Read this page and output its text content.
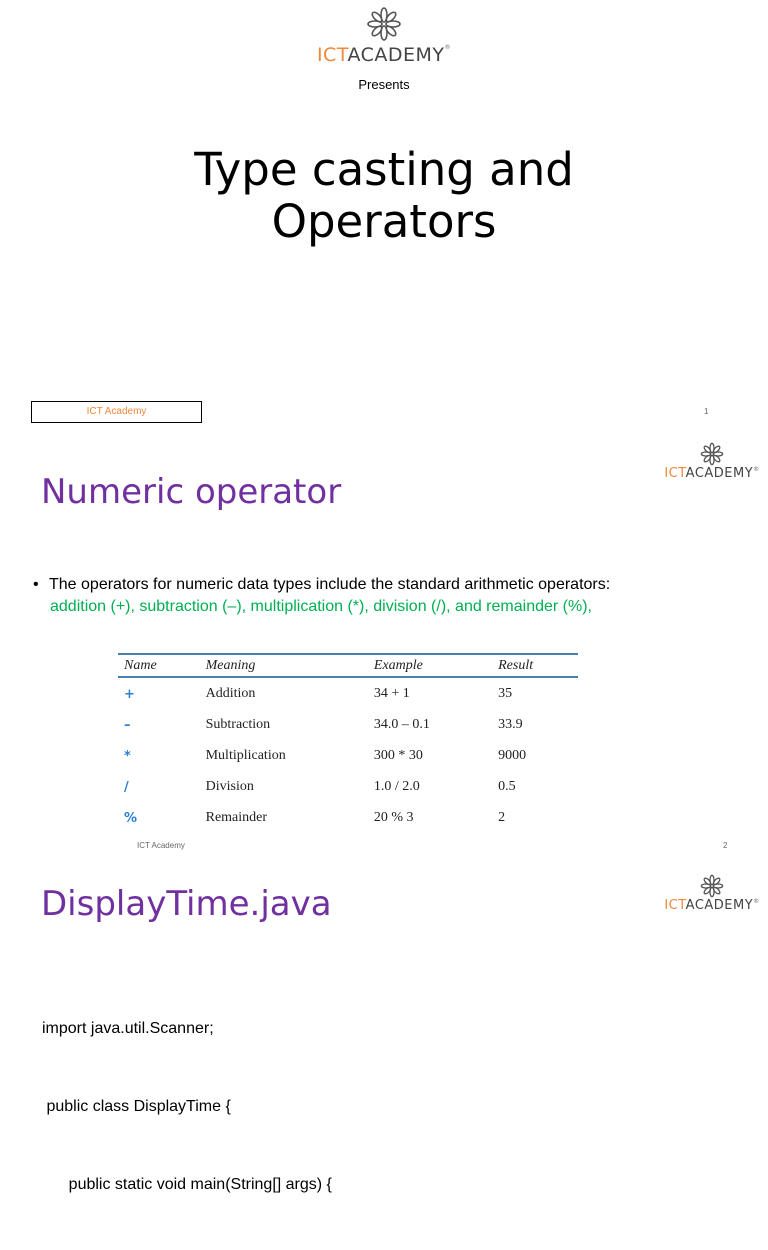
ICTACADEMY®
Presents
Type casting and
Operators
ICT Academy	1
ICTACADEMY®
Numeric operator
• The operators for numeric data types include the standard arithmetic operators:
addition (+), subtraction (–), multiplication (*), division (/), and remainder (%),
Name	Meaning	Example	Result
+	Addition	34 + 1	35
–	Subtraction	34.0 – 0.1	33.9
*	Multiplication	300 * 30	9000
/	Division	1.0 / 2.0	0.5
%	Remainder	20 % 3	2
ICT Academy	2
ICTACADEMY®
DisplayTime.java

import java.util.Scanner;

public class DisplayTime {

public static void main(String[] args) {
